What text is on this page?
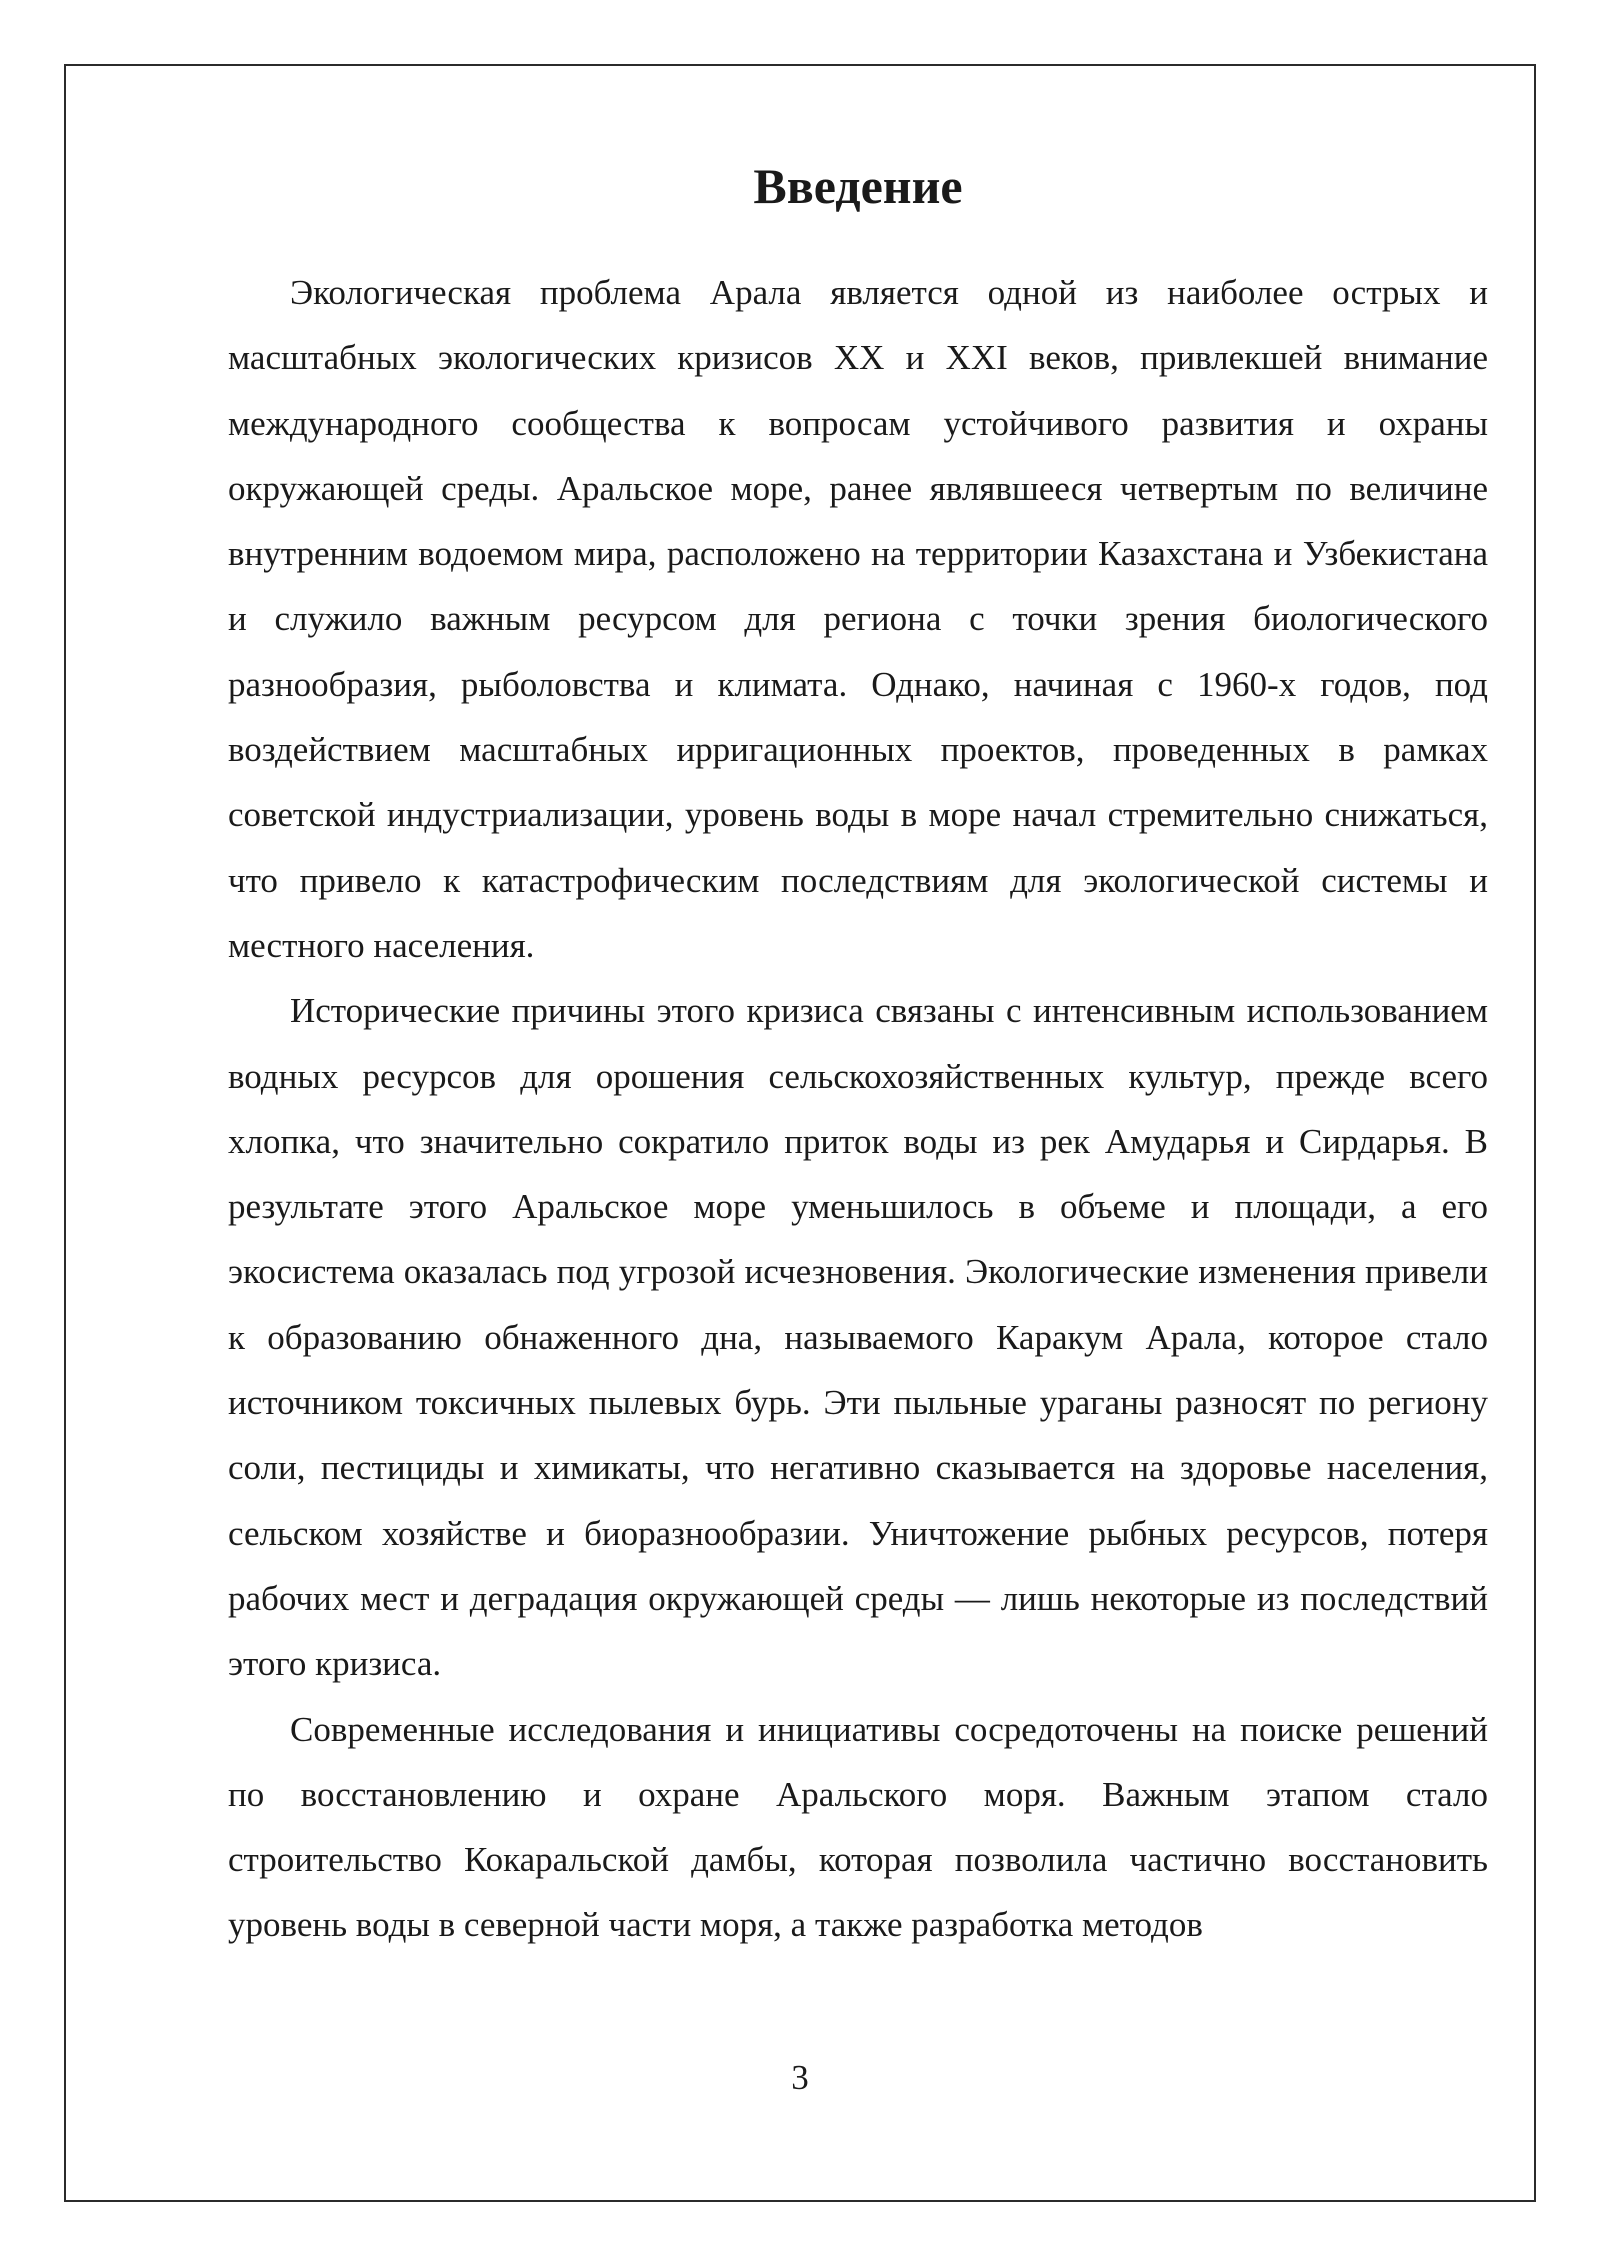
Введение

Экологическая проблема Арала является одной из наиболее острых и масштабных экологических кризисов XX и XXI веков, привлекшей внимание международного сообщества к вопросам устойчивого развития и охраны окружающей среды. Аральское море, ранее являвшееся четвертым по величине внутренним водоемом мира, расположено на территории Казахстана и Узбекистана и служило важным ресурсом для региона с точки зрения биологического разнообразия, рыболовства и климата. Однако, начиная с 1960-х годов, под воздействием масштабных ирригационных проектов, проведенных в рамках советской индустриализации, уровень воды в море начал стремительно снижаться, что привело к катастрофическим последствиям для экологической системы и местного населения.

Исторические причины этого кризиса связаны с интенсивным использованием водных ресурсов для орошения сельскохозяйственных культур, прежде всего хлопка, что значительно сократило приток воды из рек Амударья и Сирдарья. В результате этого Аральское море уменьшилось в объеме и площади, а его экосистема оказалась под угрозой исчезновения. Экологические изменения привели к образованию обнаженного дна, называемого Каракум Арала, которое стало источником токсичных пылевых бурь. Эти пыльные ураганы разносят по региону соли, пестициды и химикаты, что негативно сказывается на здоровье населения, сельском хозяйстве и биоразнообразии. Уничтожение рыбных ресурсов, потеря рабочих мест и деградация окружающей среды — лишь некоторые из последствий этого кризиса.

Современные исследования и инициативы сосредоточены на поиске решений по восстановлению и охране Аральского моря. Важным этапом стало строительство Кокаральской дамбы, которая позволила частично восстановить уровень воды в северной части моря, а также разработка методов

3
